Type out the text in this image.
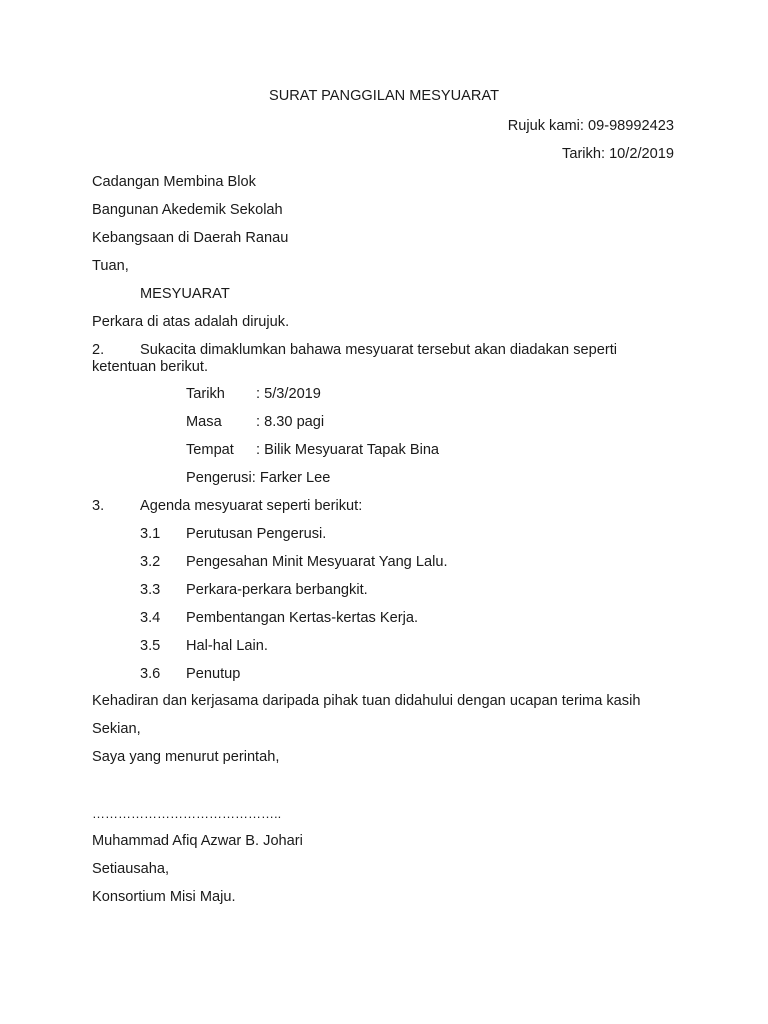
SURAT PANGGILAN MESYUARAT
Rujuk kami: 09-98992423
Tarikh: 10/2/2019
Cadangan Membina Blok
Bangunan Akedemik Sekolah
Kebangsaan di Daerah Ranau
Tuan,
MESYUARAT
Perkara di atas adalah dirujuk.
2. Sukacita dimaklumkan bahawa mesyuarat tersebut akan diadakan seperti
ketentuan berikut.
Tarikh : 5/3/2019
Masa : 8.30 pagi
Tempat : Bilik Mesyuarat Tapak Bina
Pengerusi: Farker Lee
3. Agenda mesyuarat seperti berikut:
3.1 Perutusan Pengerusi.
3.2 Pengesahan Minit Mesyuarat Yang Lalu.
3.3 Perkara-perkara berbangkit.
3.4 Pembentangan Kertas-kertas Kerja.
3.5 Hal-hal Lain.
3.6 Penutup
Kehadiran dan kerjasama daripada pihak tuan didahului dengan ucapan terima kasih
Sekian,
Saya yang menurut perintah,
……………………………………..
Muhammad Afiq Azwar B. Johari
Setiausaha,
Konsortium Misi Maju.
